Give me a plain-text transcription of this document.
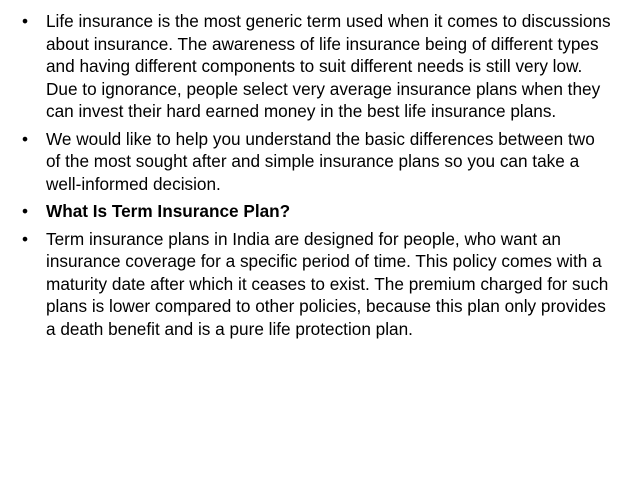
•	Life insurance is the most generic term used when it comes to discussions about insurance. The awareness of life insurance being of different types and having different components to suit different needs is still very low. Due to ignorance, people select very average insurance plans when they can invest their hard earned money in the best life insurance plans.
•	We would like to help you understand the basic differences between two of the most sought after and simple insurance plans so you can take a well-informed decision.
•	What Is Term Insurance Plan?
•	Term insurance plans in India are designed for people, who want an insurance coverage for a specific period of time. This policy comes with a maturity date after which it ceases to exist. The premium charged for such plans is lower compared to other policies, because this plan only provides a death benefit and is a pure life protection plan.
